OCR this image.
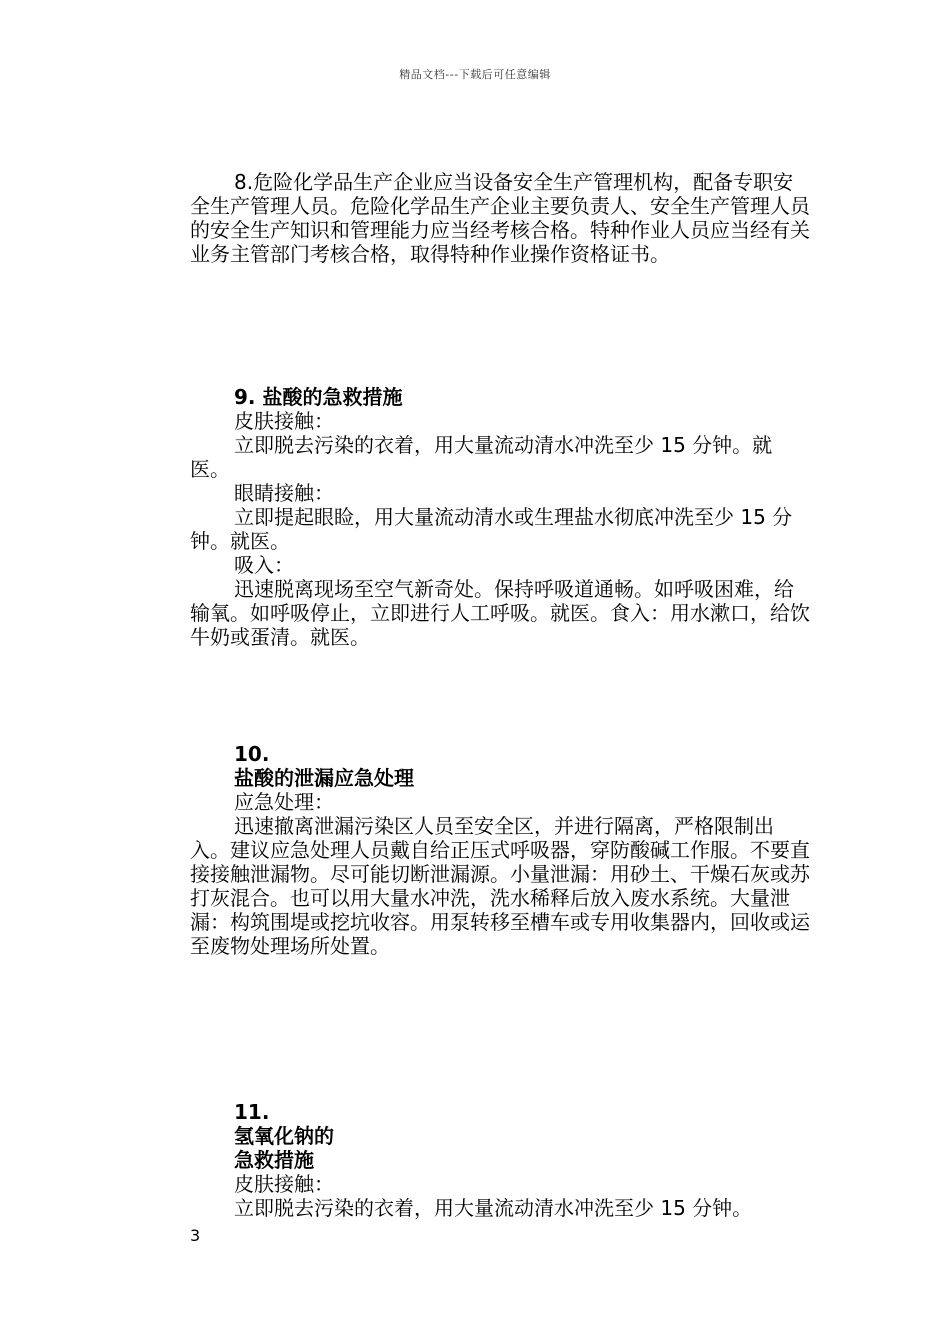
精品文档---下载后可任意编辑

8.危险化学品生产企业应当设备安全生产管理机构，配备专职安全生产管理人员。危险化学品生产企业主要负责人、安全生产管理人员的安全生产知识和管理能力应当经考核合格。特种作业人员应当经有关业务主管部门考核合格，取得特种作业操作资格证书。

9. 盐酸的急救措施

皮肤接触：

立即脱去污染的衣着，用大量流动清水冲洗至少 15 分钟。就医。

眼睛接触：

立即提起眼睑，用大量流动清水或生理盐水彻底冲洗至少 15 分钟。就医。

吸入：

迅速脱离现场至空气新奇处。保持呼吸道通畅。如呼吸困难，给输氧。如呼吸停止，立即进行人工呼吸。就医。食入：用水漱口，给饮牛奶或蛋清。就医。

10.

盐酸的泄漏应急处理

应急处理：

迅速撤离泄漏污染区人员至安全区，并进行隔离，严格限制出入。建议应急处理人员戴自给正压式呼吸器，穿防酸碱工作服。不要直接接触泄漏物。尽可能切断泄漏源。小量泄漏：用砂土、干燥石灰或苏打灰混合。也可以用大量水冲洗，洗水稀释后放入废水系统。大量泄漏：构筑围堤或挖坑收容。用泵转移至槽车或专用收集器内，回收或运至废物处理场所处置。

11.

氢氧化钠的

急救措施

皮肤接触：

立即脱去污染的衣着，用大量流动清水冲洗至少 15 分钟。

3
